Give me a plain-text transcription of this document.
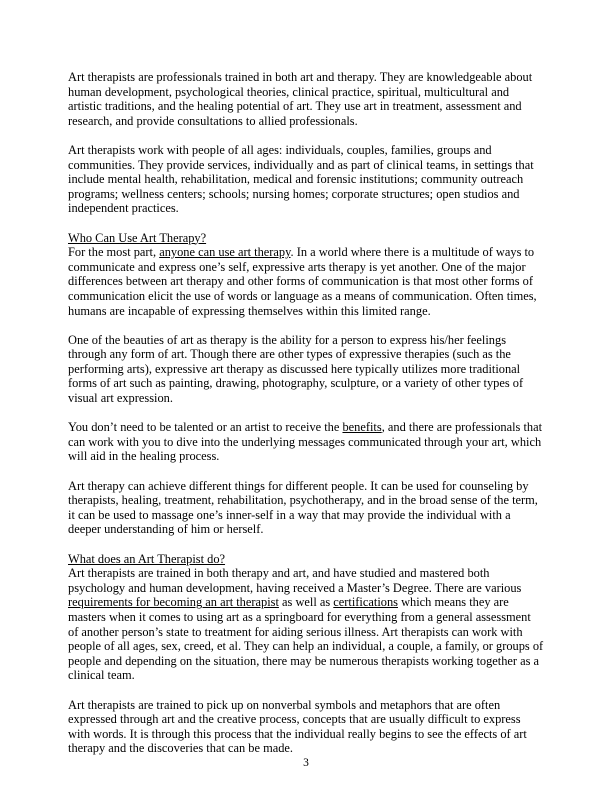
Art therapists are professionals trained in both art and therapy. They are knowledgeable about human development, psychological theories, clinical practice, spiritual, multicultural and artistic traditions, and the healing potential of art. They use art in treatment, assessment and research, and provide consultations to allied professionals.
Art therapists work with people of all ages: individuals, couples, families, groups and communities. They provide services, individually and as part of clinical teams, in settings that include mental health, rehabilitation, medical and forensic institutions; community outreach programs; wellness centers; schools; nursing homes; corporate structures; open studios and independent practices.
Who Can Use Art Therapy?
For the most part, anyone can use art therapy. In a world where there is a multitude of ways to communicate and express one’s self, expressive arts therapy is yet another. One of the major differences between art therapy and other forms of communication is that most other forms of communication elicit the use of words or language as a means of communication. Often times, humans are incapable of expressing themselves within this limited range.
One of the beauties of art as therapy is the ability for a person to express his/her feelings through any form of art. Though there are other types of expressive therapies (such as the performing arts), expressive art therapy as discussed here typically utilizes more traditional forms of art such as painting, drawing, photography, sculpture, or a variety of other types of visual art expression.
You don’t need to be talented or an artist to receive the benefits, and there are professionals that can work with you to dive into the underlying messages communicated through your art, which will aid in the healing process.
Art therapy can achieve different things for different people. It can be used for counseling by therapists, healing, treatment, rehabilitation, psychotherapy, and in the broad sense of the term, it can be used to massage one’s inner-self in a way that may provide the individual with a deeper understanding of him or herself.
What does an Art Therapist do?
Art therapists are trained in both therapy and art, and have studied and mastered both psychology and human development, having received a Master’s Degree. There are various requirements for becoming an art therapist as well as certifications which means they are masters when it comes to using art as a springboard for everything from a general assessment of another person’s state to treatment for aiding serious illness. Art therapists can work with people of all ages, sex, creed, et al. They can help an individual, a couple, a family, or groups of people and depending on the situation, there may be numerous therapists working together as a clinical team.
Art therapists are trained to pick up on nonverbal symbols and metaphors that are often expressed through art and the creative process, concepts that are usually difficult to express with words. It is through this process that the individual really begins to see the effects of art therapy and the discoveries that can be made.
3
